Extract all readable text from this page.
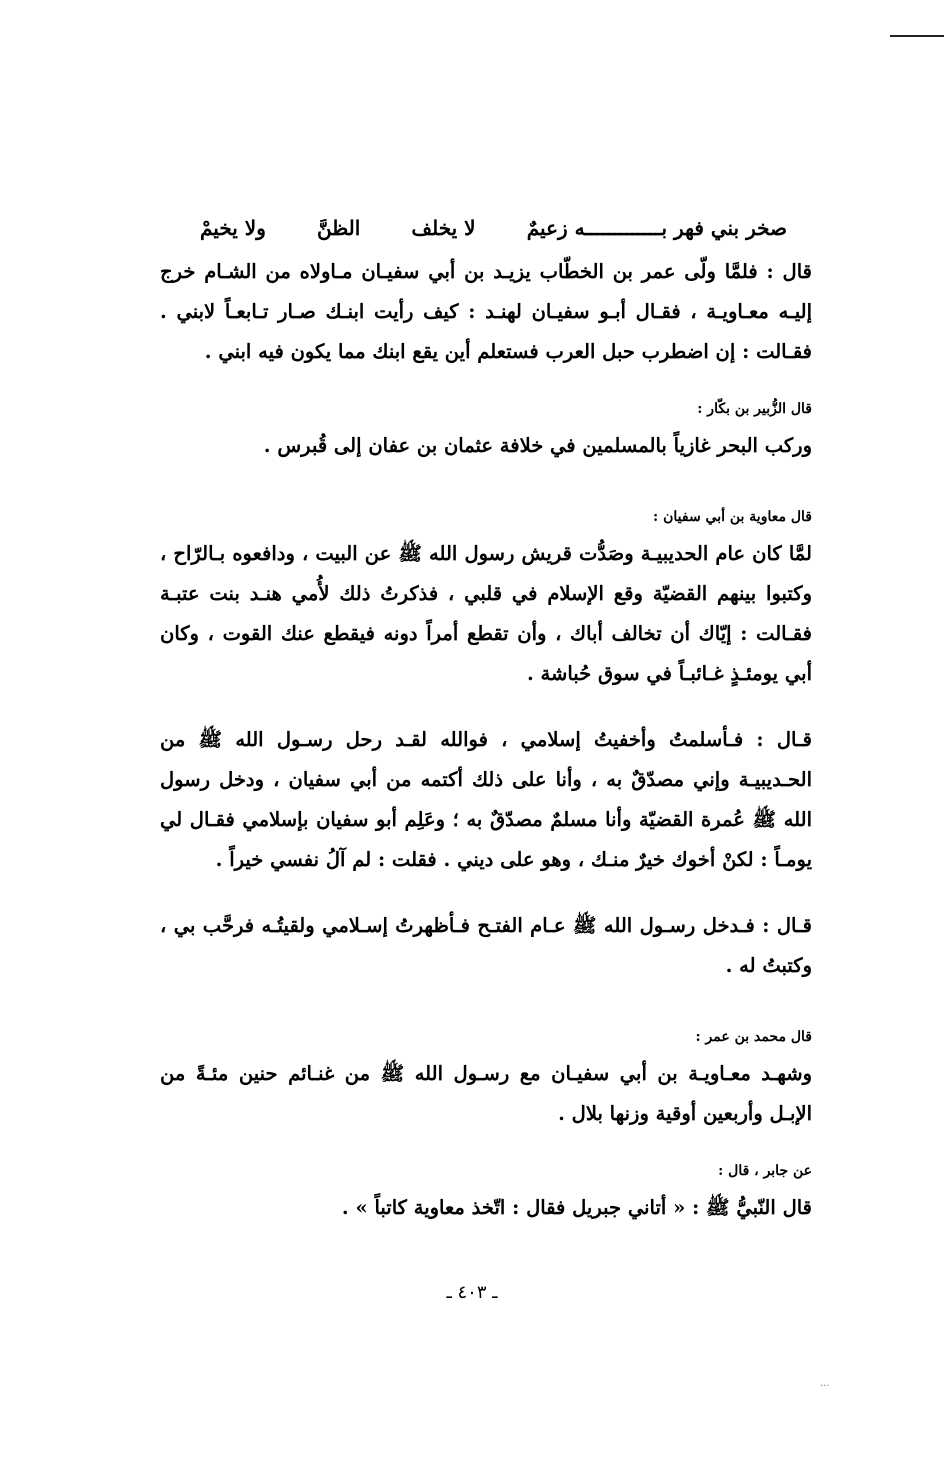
صخر بني فهر بـــــــــــــه زعيمٌ
لا يخلف
الظنَّ
ولا يخيمْ

قال : فلمَّا ولّى عمر بن الخطّاب يزيـد بن أبي سفيـان مـاولاه من الشـام خرج إليـه معـاويـة ، فقـال أبـو سفيـان لهنـد : كيف رأيت ابنـك صـار تـابعـاً لابني . فقـالت : إن اضطرب حبل العرب فستعلم أين يقع ابنك مما يكون فيه ابني .

قال الزُّبير بن بكّار :

وركب البحر غازياً بالمسلمين في خلافة عثمان بن عفان إلى قُبرس .

قال معاوية بن أبي سفيان :

لمَّا كان عام الحديبيـة وصَدُّت قريش رسول الله ﷺ عن البيت ، ودافعوه بـالرّاح ، وكتبوا بينهم القضيّة وقع الإسلام في قلبي ، فذكرتُ ذلك لأُمي هنـد بنت عتبـة فقـالت : إيّاك أن تخالف أباك ، وأن تقطع أمراً دونه فيقطع عنك القوت ، وكان أبي يومئـذٍ غـائبـاً في سوق حُباشة .

قـال : فـأسلمتُ وأخفيتُ إسلامي ، فوالله لقـد رحل رسـول الله ﷺ من الحـديبيـة وإني مصدّقٌ به ، وأنا على ذلك أكتمه من أبي سفيان ، ودخل رسول الله ﷺ عُمرة القضيّة وأنا مسلمٌ مصدّقٌ به ؛ وعَلِم أبو سفيان بإسلامي فقـال لي يومـاً : لكنْ أخوك خيرٌ منـك ، وهو على ديني . فقلت : لم آلُ نفسي خيراً .

قـال : فـدخل رسـول الله ﷺ عـام الفتـح فـأظهرتُ إسـلامي ولقيتُـه فرحَّب بي ، وكتبتُ له .

قال محمد بن عمر :

وشهـد معـاويـة بن أبي سفيـان مع رسـول الله ﷺ من غنـائم حنين مئـةً من الإبـل وأربعين أوقية وزنها بلال .

عن جابر ، قال :

قال النّبيُّ ﷺ : « أتاني جبريل فقال : اتّخذ معاوية كاتباً » .

ـ ٤٠٣ ـ
...
